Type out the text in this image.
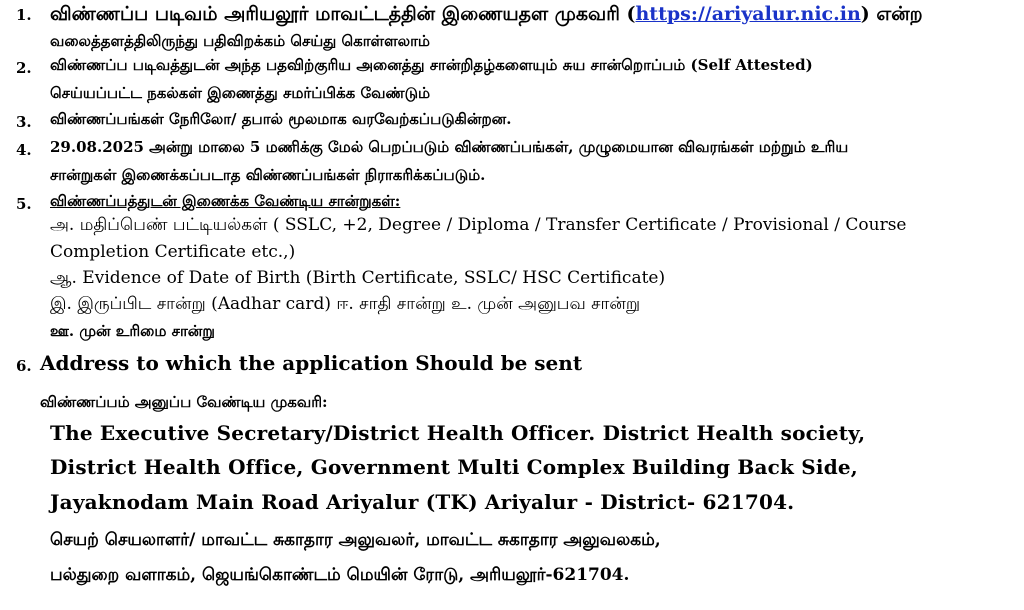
1. விண்ணப்ப படிவம் அரியலூர் மாவட்டத்தின் இணையதள முகவரி (https://ariyalur.nic.in) என்ற
வலைத்தளத்திலிருந்து பதிவிறக்கம் செய்து கொள்ளலாம்
2. விண்ணப்ப படிவத்துடன் அந்த பதவிற்குரிய அனைத்து சான்றிதழ்களையும் சுய சான்றொப்பம் (Self Attested)
செய்யப்பட்ட நகல்கள் இணைத்து சமர்ப்பிக்க வேண்டும்
3. விண்ணப்பங்கள் நேரிலோ/ தபால் மூலமாக வரவேற்கப்படுகின்றன.
4. 29.08.2025 அன்று மாலை 5 மணிக்கு மேல் பெறப்படும் விண்ணப்பங்கள், முழுமையான விவரங்கள் மற்றும் உரிய
சான்றுகள் இணைக்கப்படாத விண்ணப்பங்கள் நிராகரிக்கப்படும்.
5. விண்ணப்பத்துடன் இணைக்க வேண்டிய சான்றுகள்:
அ. மதிப்பெண் பட்டியல்கள் ( SSLC, +2, Degree / Diploma / Transfer Certificate / Provisional / Course
Completion Certificate etc.,)
ஆ. Evidence of Date of Birth (Birth Certificate, SSLC/ HSC Certificate)
இ. இருப்பிட சான்று (Aadhar card) ஈ. சாதி சான்று உ. முன் அனுபவ சான்று
ஊ. முன் உரிமை சான்று
6. Address to which the application Should be sent
விண்ணப்பம் அனுப்ப வேண்டிய முகவரி:
The Executive Secretary/District Health Officer. District Health society,
District Health Office, Government Multi Complex Building Back Side,
Jayaknodam Main Road Ariyalur (TK) Ariyalur - District- 621704.
செயற் செயலாளர்/ மாவட்ட சுகாதார அலுவலர், மாவட்ட சுகாதார அலுவலகம்,
பல்துறை வளாகம், ஜெயங்கொண்டம் மெயின் ரோடு, அரியலூர்-621704.
